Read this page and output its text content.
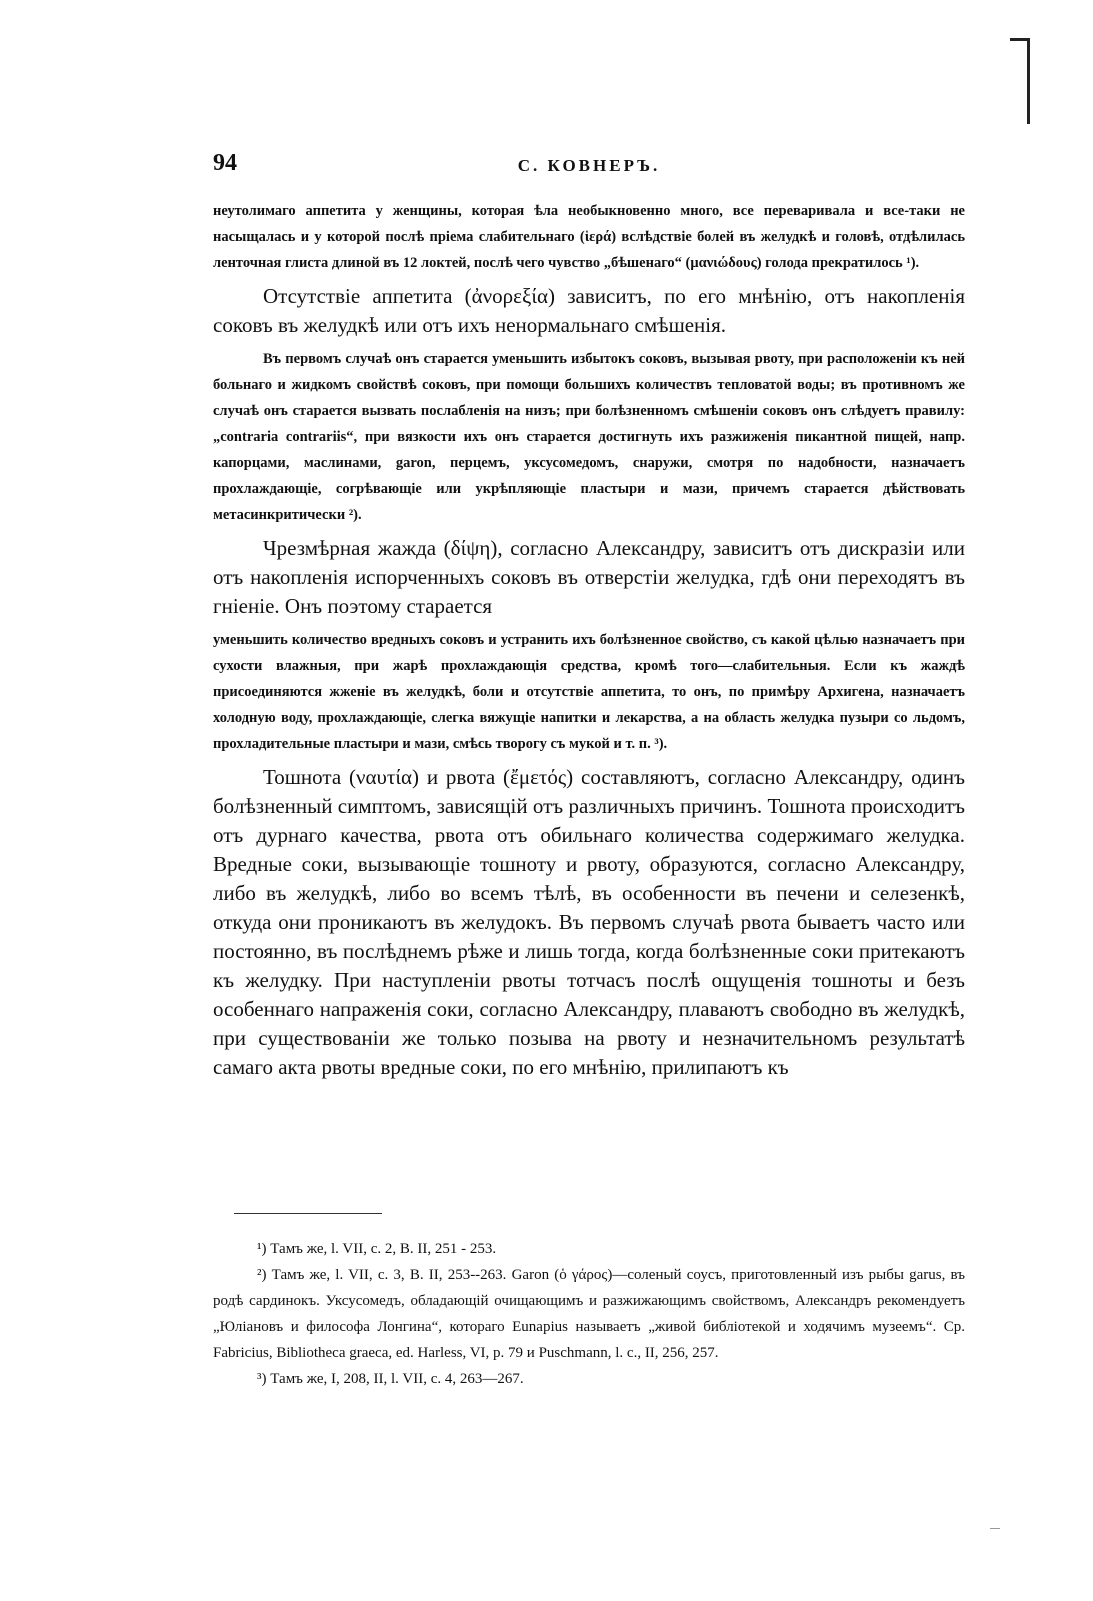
94	С. КОВНЕРЪ.

неутолимаго аппетита у женщины, которая ѣла необыкновенно много, все переваривала и все-таки не насыщалась и у которой послѣ пріема слабительнаго (ἱερά) вслѣдствіе болей въ желудкѣ и головѣ, отдѣлилась ленточная глиста длиной въ 12 локтей, послѣ чего чувство „бѣшенаго“ (μανιώδους) голода прекратилось ¹).

Отсутствіе аппетита (ἀνορεξία) зависитъ, по его мнѣнію, отъ накопленія соковъ въ желудкѣ или отъ ихъ ненормальнаго смѣшенія.

Въ первомъ случаѣ онъ старается уменьшить избытокъ соковъ, вызывая рвоту, при расположеніи къ ней больнаго и жидкомъ свойствѣ соковъ, при помощи большихъ количествъ тепловатой воды; въ противномъ же случаѣ онъ старается вызвать послабленія на низъ; при болѣзненномъ смѣшеніи соковъ онъ слѣдуетъ правилу: „contraria contrariis“, при вязкости ихъ онъ старается достигнуть ихъ разжиженія пикантной пищей, напр. капорцами, маслинами, garon, перцемъ, уксусомедомъ, снаружи, смотря по надобности, назначаетъ прохлаждающіе, согрѣвающіе или укрѣпляющіе пластыри и мази, причемъ старается дѣйствовать метасинкритически ²).

Чрезмѣрная жажда (δίψη), согласно Александру, зависитъ отъ дискразіи или отъ накопленія испорченныхъ соковъ въ отверстіи желудка, гдѣ они переходятъ въ гніеніе. Онъ поэтому старается

уменьшить количество вредныхъ соковъ и устранить ихъ болѣзненное свойство, съ какой цѣлью назначаетъ при сухости влажныя, при жарѣ прохлаждающія средства, кромѣ того—слабительныя. Если къ жаждѣ присоединяются жженіе въ желудкѣ, боли и отсутствіе аппетита, то онъ, по примѣру Архигена, назначаетъ холодную воду, прохлаждающіе, слегка вяжущіе напитки и лекарства, а на область желудка пузыри со льдомъ, прохладительные пластыри и мази, смѣсь творогу съ мукой и т. п. ³).

Тошнота (ναυτία) и рвота (ἔμετός) составляютъ, согласно Александру, одинъ болѣзненный симптомъ, зависящій отъ различныхъ причинъ. Тошнота происходитъ отъ дурнаго качества, рвота отъ обильнаго количества содержимаго желудка. Вредные соки, вызывающіе тошноту и рвоту, образуются, согласно Александру, либо въ желудкѣ, либо во всемъ тѣлѣ, въ особенности въ печени и селезенкѣ, откуда они проникаютъ въ желудокъ. Въ первомъ случаѣ рвота бываетъ часто или постоянно, въ послѣднемъ рѣже и лишь тогда, когда болѣзненные соки притекаютъ къ желудку. При наступленіи рвоты тотчасъ послѣ ощущенія тошноты и безъ особеннаго напраженія соки, согласно Александру, плаваютъ свободно въ желудкѣ, при существованіи же только позыва на рвоту и незначительномъ результатѣ самаго акта рвоты вредные соки, по его мнѣнію, прилипаютъ къ

¹) Тамъ же, l. VII, c. 2, B. II, 251 - 253.

²) Тамъ же, l. VII, c. 3, B. II, 253--263. Garon (ὁ γάρος)—соленый соусъ, приготовленный изъ рыбы garus, въ родѣ сардинокъ. Уксусомедъ, обладающій очищающимъ и разжижающимъ свойствомъ, Александръ рекомендуетъ „Юліановъ и философа Лонгина“, котораго Eunapius называетъ „живой библіотекой и ходячимъ музеемъ“. Cp. Fabricius, Bibliotheca graeca, ed. Harless, VI, p. 79 и Puschmann, l. c., II, 256, 257.

³) Тамъ же, I, 208, II, l. VII, c. 4, 263—267.
